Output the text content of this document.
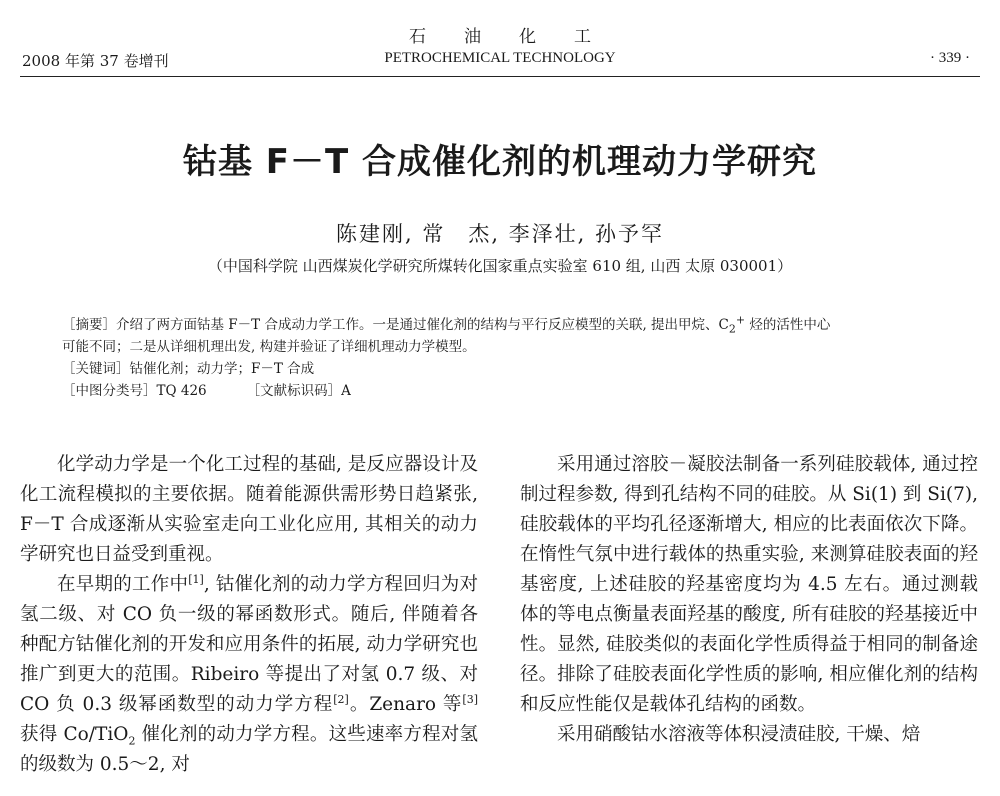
2008 年第 37 卷增刊
石油化工
PETROCHEMICAL TECHNOLOGY	· 339 ·
钴基 F－T 合成催化剂的机理动力学研究
陈建刚, 常　杰, 李泽壮, 孙予罕
（中国科学院 山西煤炭化学研究所煤转化国家重点实验室 610 组, 山西 太原 030001）
［摘要］介绍了两方面钴基 F－T 合成动力学工作。一是通过催化剂的结构与平行反应模型的关联, 提出甲烷、$C_2^+$ 烃的活性中心
可能不同；二是从详细机理出发, 构建并验证了详细机理动力学模型。
［关键词］钴催化剂；动力学；F－T 合成
［中图分类号］TQ 426	［文献标识码］A

化学动力学是一个化工过程的基础, 是反应器设计及化工流程模拟的主要依据。随着能源供需形势日趋紧张, F－T 合成逐渐从实验室走向工业化应用, 其相关的动力学研究也日益受到重视。

在早期的工作中[1], 钴催化剂的动力学方程回归为对氢二级、对 CO 负一级的幂函数形式。随后, 伴随着各种配方钴催化剂的开发和应用条件的拓展, 动力学研究也推广到更大的范围。Ribeiro 等提出了对氢 0.7 级、对 CO 负 0.3 级幂函数型的动力学方程[2]。Zenaro 等[3] 获得 Co/TiO$_2$ 催化剂的动力学方程。这些速率方程对氢的级数为 0.5～2, 对

采用通过溶胶－凝胶法制备一系列硅胶载体, 通过控制过程参数, 得到孔结构不同的硅胶。从 Si(1) 到 Si(7), 硅胶载体的平均孔径逐渐增大, 相应的比表面依次下降。在惰性气氛中进行载体的热重实验, 来测算硅胶表面的羟基密度, 上述硅胶的羟基密度均为 4.5 左右。通过测载体的等电点衡量表面羟基的酸度, 所有硅胶的羟基接近中性。显然, 硅胶类似的表面化学性质得益于相同的制备途径。排除了硅胶表面化学性质的影响, 相应催化剂的结构和反应性能仅是载体孔结构的函数。

采用硝酸钴水溶液等体积浸渍硅胶, 干燥、焙
